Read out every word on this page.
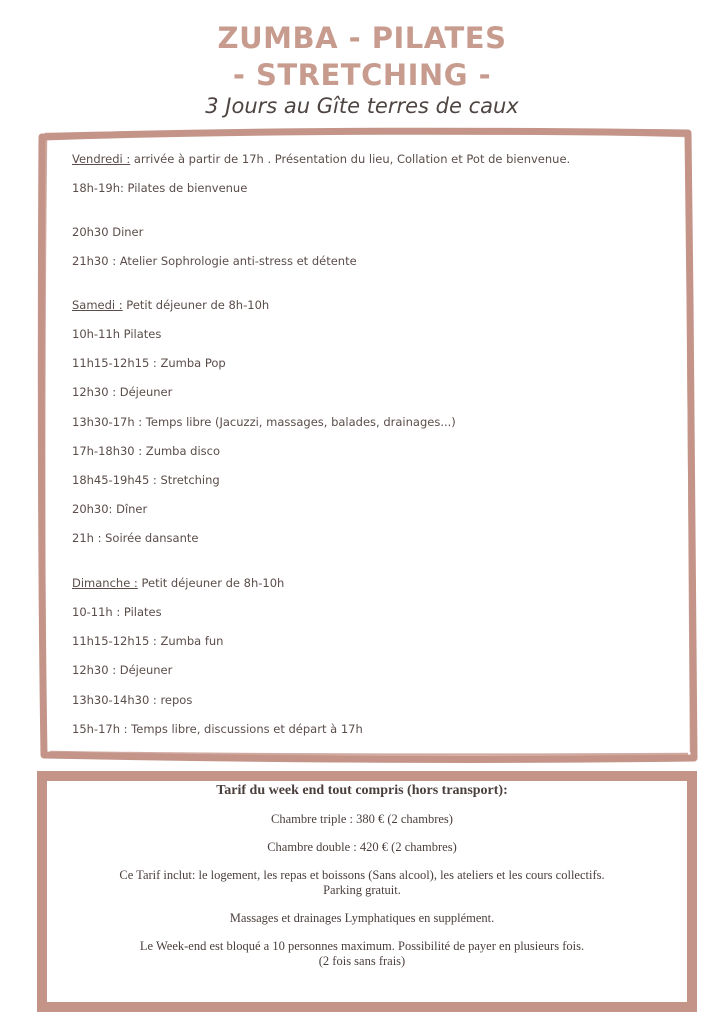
ZUMBA - PILATES
- STRETCHING -
3 Jours au Gîte terres de caux
Vendredi : arrivée à partir de 17h . Présentation du lieu, Collation et Pot de bienvenue.
18h-19h: Pilates de bienvenue
20h30 Diner
21h30 : Atelier Sophrologie anti-stress et détente
Samedi : Petit déjeuner de 8h-10h
10h-11h Pilates
11h15-12h15 : Zumba Pop
12h30 : Déjeuner
13h30-17h : Temps libre (Jacuzzi, massages, balades, drainages...)
17h-18h30 : Zumba disco
18h45-19h45 : Stretching
20h30: Dîner
21h : Soirée dansante
Dimanche : Petit déjeuner de 8h-10h
10-11h : Pilates
11h15-12h15 : Zumba fun
12h30 : Déjeuner
13h30-14h30 : repos
15h-17h : Temps libre, discussions et départ à 17h
Tarif du week end tout compris (hors transport):
Chambre triple : 380 € (2 chambres)
Chambre double : 420 € (2 chambres)
Ce Tarif inclut: le logement, les repas et boissons (Sans alcool), les ateliers et les cours collectifs.
Parking gratuit.
Massages et drainages Lymphatiques en supplément.
Le Week-end est bloqué a 10 personnes maximum. Possibilité de payer en plusieurs fois.
(2 fois sans frais)
